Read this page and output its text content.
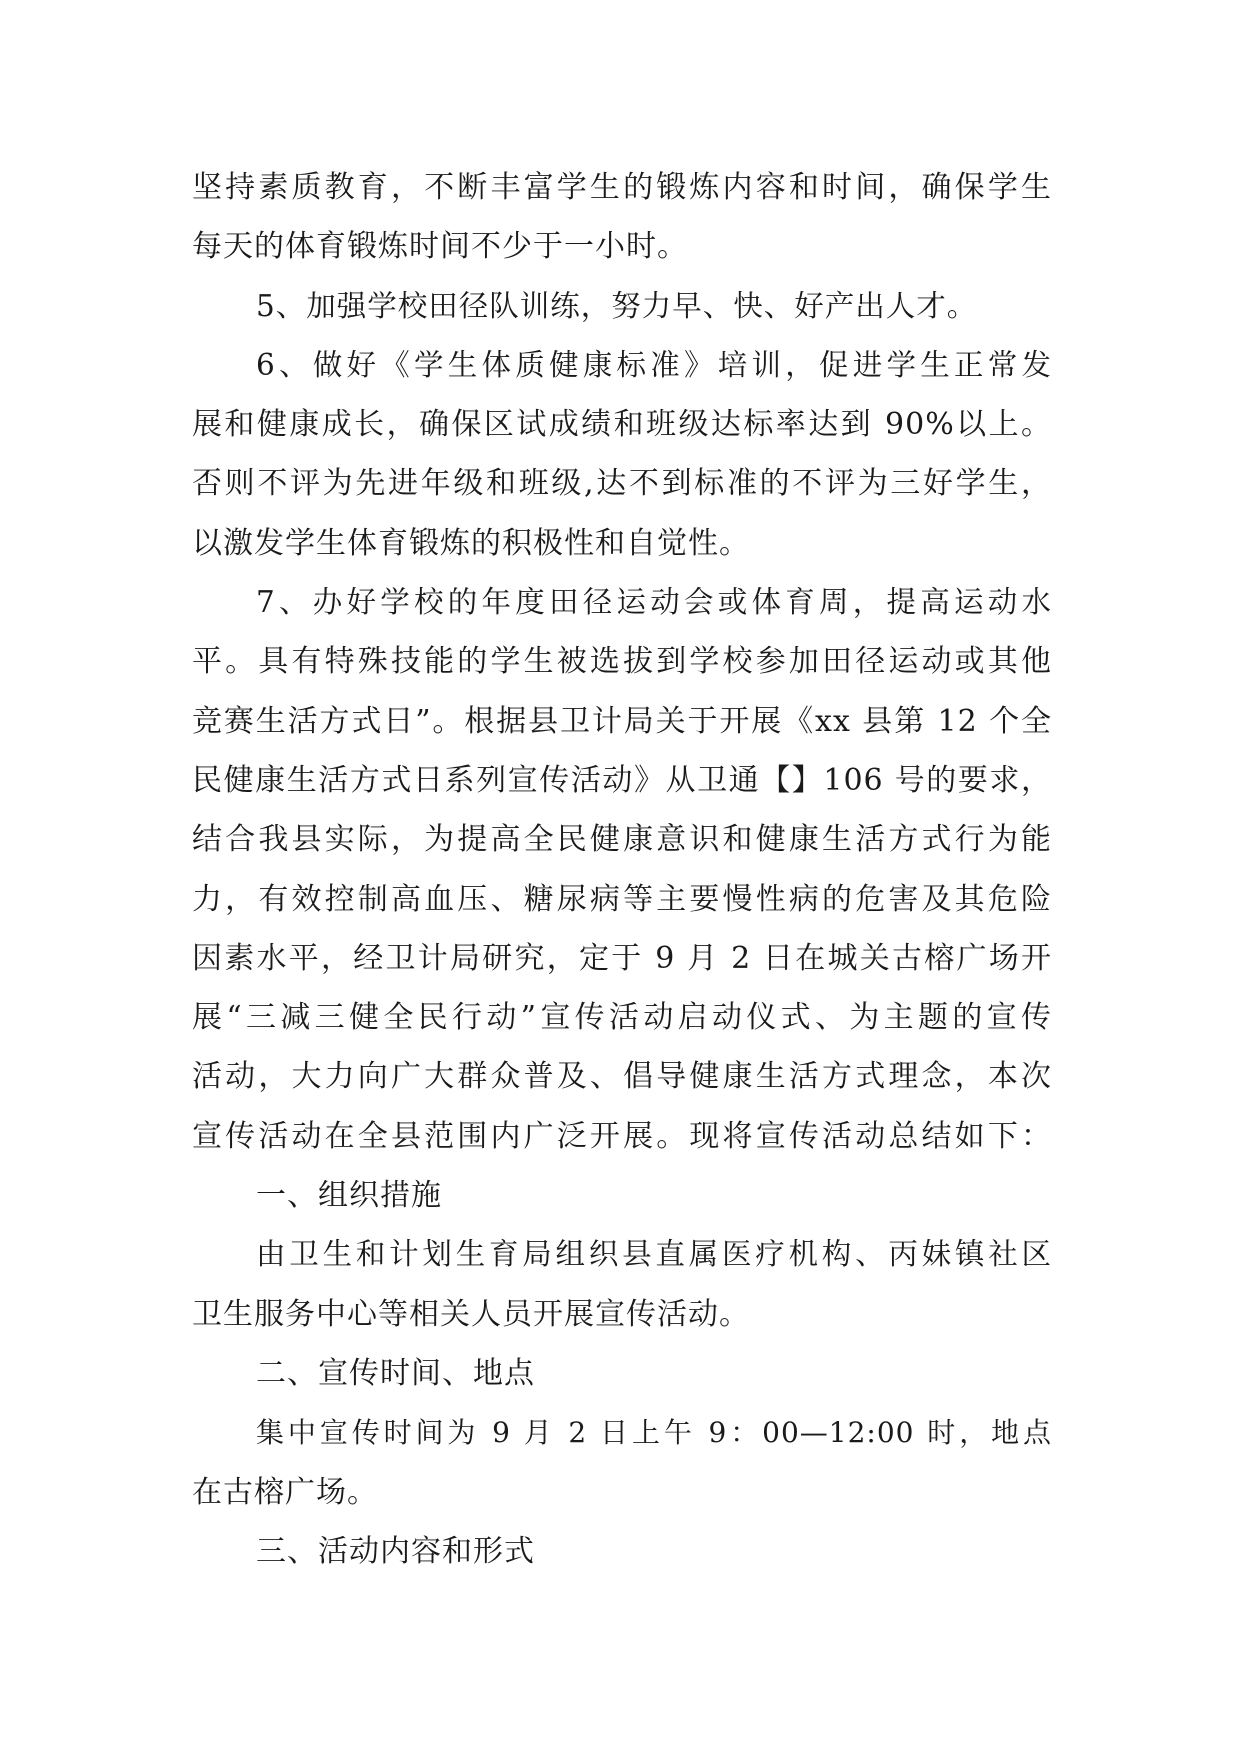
坚持素质教育，不断丰富学生的锻炼内容和时间，确保学生
每天的体育锻炼时间不少于一小时。
5、加强学校田径队训练，努力早、快、好产出人才。
6、做好《学生体质健康标准》培训，促进学生正常发
展和健康成长，确保区试成绩和班级达标率达到 90%以上。
否则不评为先进年级和班级,达不到标准的不评为三好学生，
以激发学生体育锻炼的积极性和自觉性。
7、办好学校的年度田径运动会或体育周，提高运动水
平。具有特殊技能的学生被选拔到学校参加田径运动或其他
竞赛生活方式日”。根据县卫计局关于开展《xx 县第 12 个全
民健康生活方式日系列宣传活动》从卫通【】106 号的要求，
结合我县实际，为提高全民健康意识和健康生活方式行为能
力，有效控制高血压、糖尿病等主要慢性病的危害及其危险
因素水平，经卫计局研究，定于 9 月 2 日在城关古榕广场开
展“三减三健全民行动”宣传活动启动仪式、为主题的宣传
活动，大力向广大群众普及、倡导健康生活方式理念，本次
宣传活动在全县范围内广泛开展。现将宣传活动总结如下：
一、组织措施
由卫生和计划生育局组织县直属医疗机构、丙妹镇社区
卫生服务中心等相关人员开展宣传活动。
二、宣传时间、地点
集中宣传时间为 9 月 2 日上午 9：00—12:00 时，地点
在古榕广场。
三、活动内容和形式
